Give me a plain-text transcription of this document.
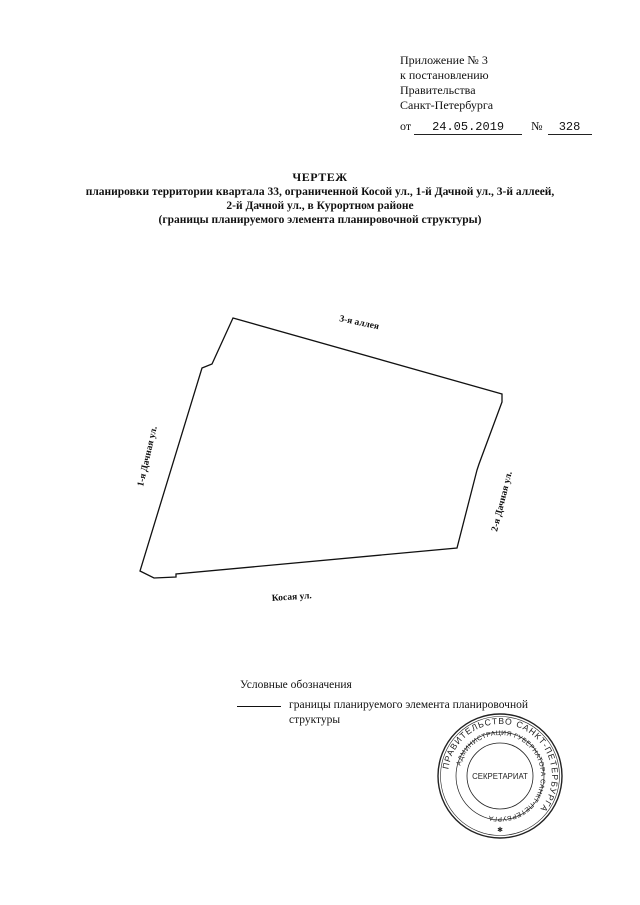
Приложение № 3
к постановлению
Правительства
Санкт-Петербурга
от 24.05.2019 № 328
ЧЕРТЕЖ
планировки территории квартала 33, ограниченной Косой ул., 1-й Дачной ул., 3-й аллеей,
2-й Дачной ул., в Курортном районе
(границы планируемого элемента планировочной структуры)
3-я аллея
1-я Дачная ул.
2-я Дачная ул.
Косая ул.
Условные обозначения
границы планируемого элемента планировочной структуры
ПРАВИТЕЛЬСТВО САНКТ-ПЕТЕРБУРГА
АДМИНИСТРАЦИЯ ГУБЕРНАТОРА САНКТ-ПЕТЕРБУРГА
СЕКРЕТАРИАТ
✱
